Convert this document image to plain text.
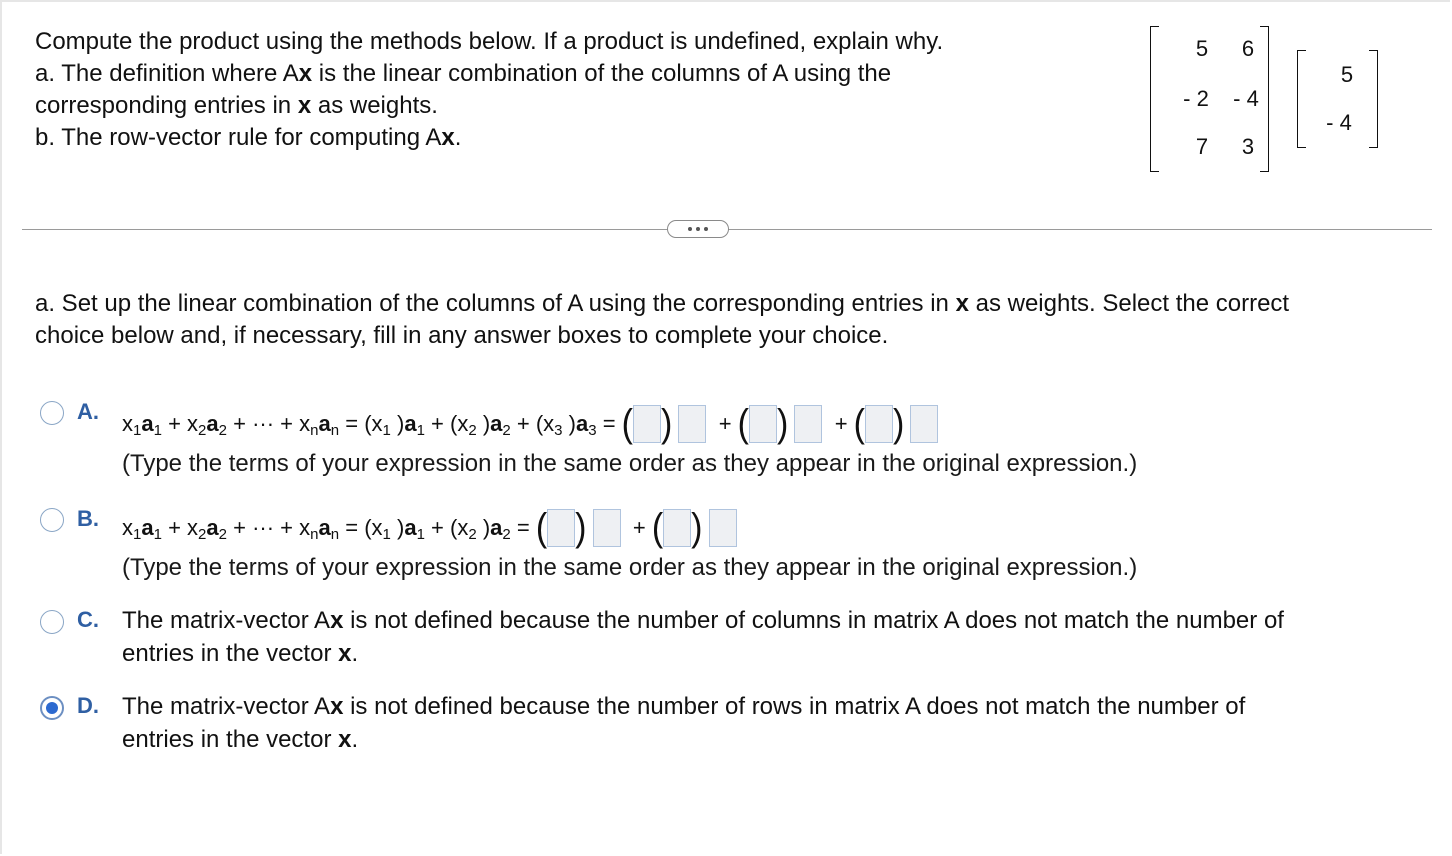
Compute the product using the methods below. If a product is undefined, explain why.
a. The definition where Ax is the linear combination of the columns of A using the
corresponding entries in x as weights.
b. The row-vector rule for computing Ax.
5	6
- 2	- 4
7	3
5
- 4
a. Set up the linear combination of the columns of A using the corresponding entries in x as weights. Select the correct
choice below and, if necessary, fill in any answer boxes to complete your choice.
A. x 1 a 1
+
x 2 a 2
+ ··· +
x n a n
=
( x 1
) a 1
+
( x 2
) a 2
+
( x 3
) a 3
=
( )

+
( )

+
( )

(Type the terms of your expression in the same order as they appear in the original expression.)
B. x 1 a 1
+
x 2 a 2
+ ··· +
x n a n
=
( x 1
) a 1
+
( x 2
) a 2
=
( )

+
( )

(Type the terms of your expression in the same order as they appear in the original expression.)
C. The matrix-vector Ax is not defined because the number of columns in matrix A does not match the number of
entries in the vector x.
D. The matrix-vector Ax is not defined because the number of rows in matrix A does not match the number of
entries in the vector x.
